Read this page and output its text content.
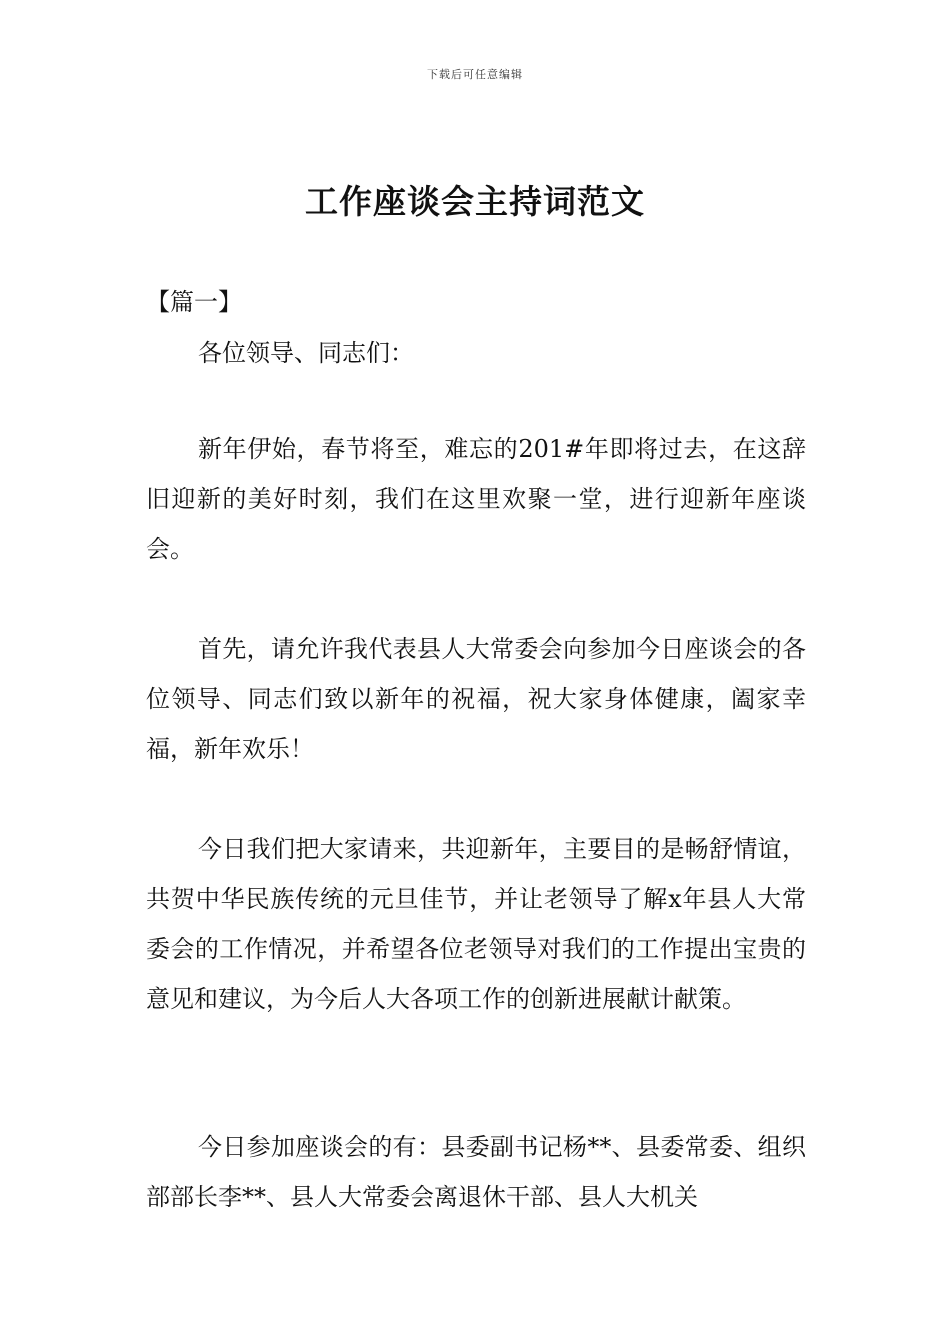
下载后可任意编辑
工作座谈会主持词范文
【篇一】

各位领导、同志们：

新年伊始，春节将至，难忘的201#年即将过去，在这辞旧迎新的美好时刻，我们在这里欢聚一堂，进行迎新年座谈会。

首先，请允许我代表县人大常委会向参加今日座谈会的各位领导、同志们致以新年的祝福，祝大家身体健康，阖家幸福，新年欢乐！

今日我们把大家请来，共迎新年，主要目的是畅舒情谊，共贺中华民族传统的元旦佳节，并让老领导了解x年县人大常委会的工作情况，并希望各位老领导对我们的工作提出宝贵的意见和建议，为今后人大各项工作的创新进展献计献策。

今日参加座谈会的有：县委副书记杨**、县委常委、组织部部长李**、县人大常委会离退休干部、县人大机关
